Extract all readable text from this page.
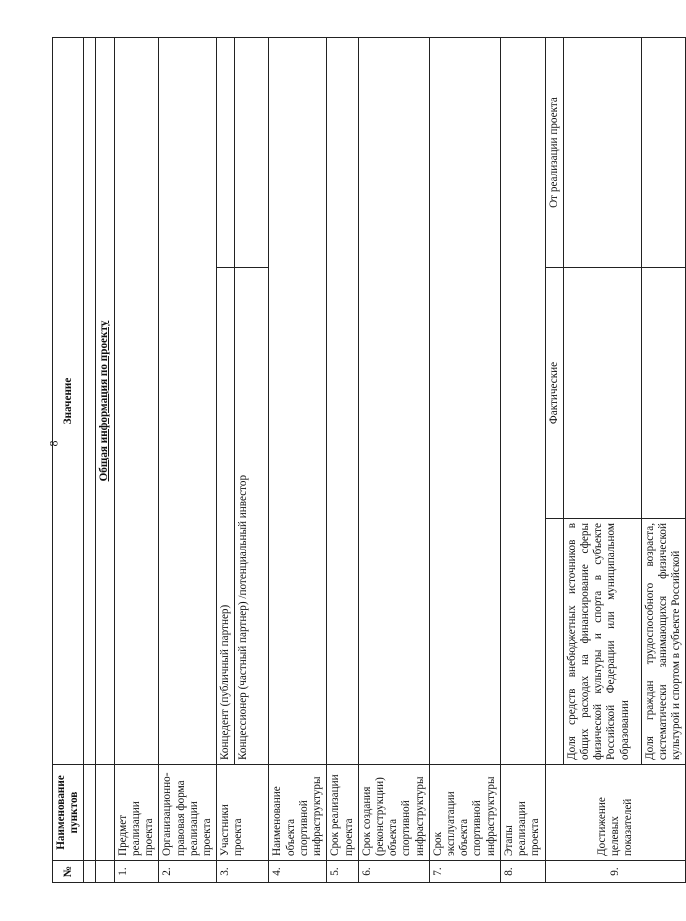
8
№	Наименование пунктов	Значение		

		Общая информация по проекту		
1.	Предмет реализации проекта			
2.	Организационно-правовая форма реализации проекта			
3.	Участники проекта	Концедент (публичный партнер)		
		Концессионер (частный партнер) /потенциальный инвестор		
4.	Наименование объекта спортивной инфраструктуры			
5.	Срок реализации проекта			
6.	Срок создания (реконструкции) объекта спортивной инфраструктуры			
7.	Срок эксплуатации объекта спортивной инфраструктуры			
8.	Этапы реализации проекта			
9.	Достижение целевых показателей		Фактические	От реализации проекта
		Доля средств внебюджетных источников в общих расходах на финансирование сферы физической культуры и спорта в субъекте Российской Федерации или муниципальном образовании		
		Доля граждан трудоспособного возраста, систематически занимающихся физической культурой и спортом в субъекте Российской		
